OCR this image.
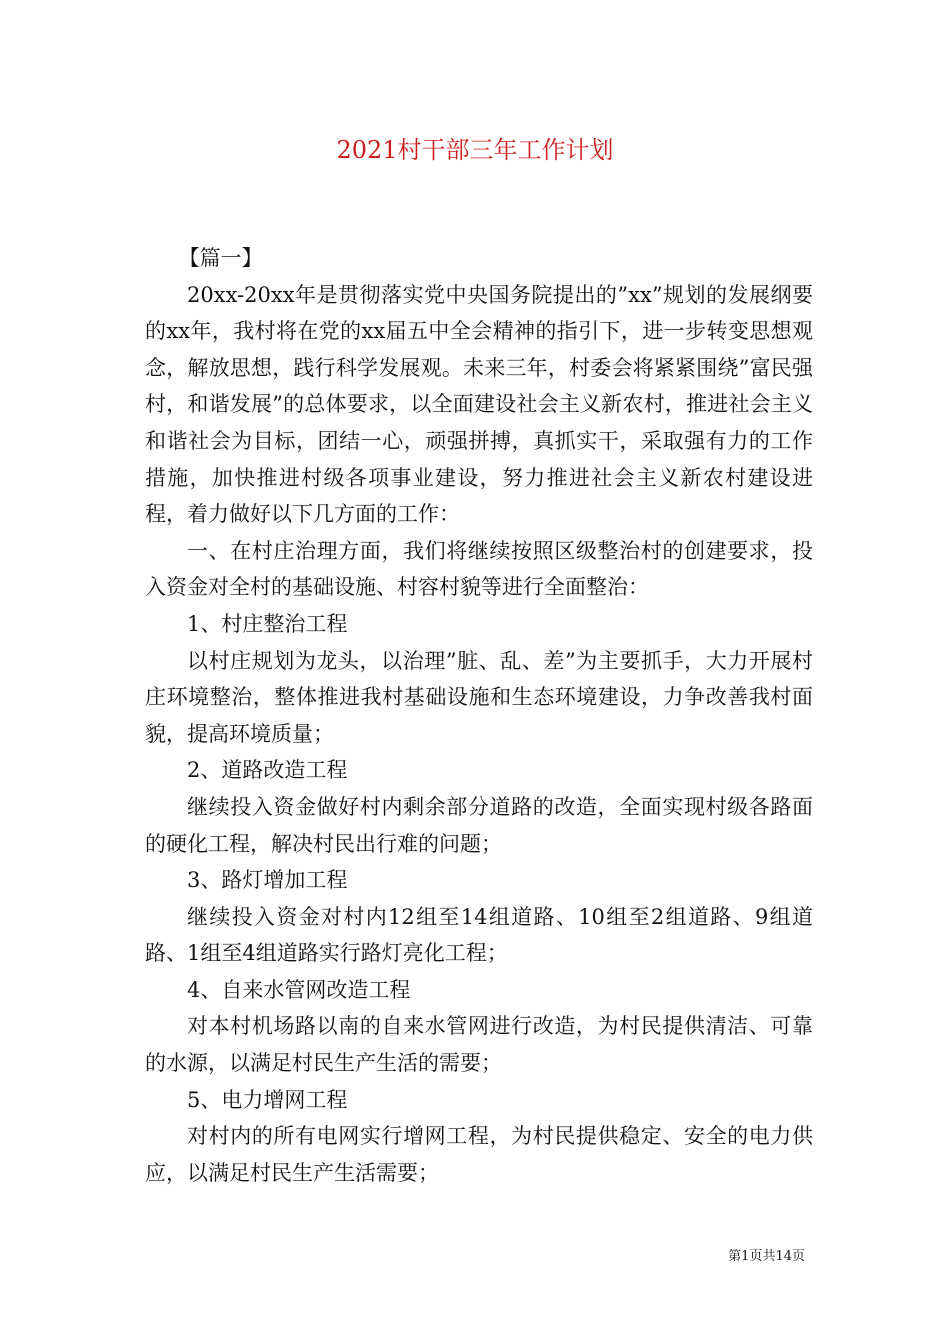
2021村干部三年工作计划

【篇一】

20xx-20xx年是贯彻落实党中央国务院提出的”xx”规划的发展纲要的xx年，我村将在党的xx届五中全会精神的指引下，进一步转变思想观念，解放思想，践行科学发展观。未来三年，村委会将紧紧围绕”富民强村，和谐发展”的总体要求，以全面建设社会主义新农村，推进社会主义和谐社会为目标，团结一心，顽强拼搏，真抓实干，采取强有力的工作措施，加快推进村级各项事业建设，努力推进社会主义新农村建设进程，着力做好以下几方面的工作：

一、在村庄治理方面，我们将继续按照区级整治村的创建要求，投入资金对全村的基础设施、村容村貌等进行全面整治：

1、村庄整治工程

以村庄规划为龙头，以治理”脏、乱、差”为主要抓手，大力开展村庄环境整治，整体推进我村基础设施和生态环境建设，力争改善我村面貌，提高环境质量；

2、道路改造工程

继续投入资金做好村内剩余部分道路的改造，全面实现村级各路面的硬化工程，解决村民出行难的问题；

3、路灯增加工程

继续投入资金对村内12组至14组道路、10组至2组道路、9组道路、1组至4组道路实行路灯亮化工程；

4、自来水管网改造工程

对本村机场路以南的自来水管网进行改造，为村民提供清洁、可靠的水源，以满足村民生产生活的需要；

5、电力增网工程

对村内的所有电网实行增网工程，为村民提供稳定、安全的电力供应，以满足村民生产生活需要；

第1页共14页
